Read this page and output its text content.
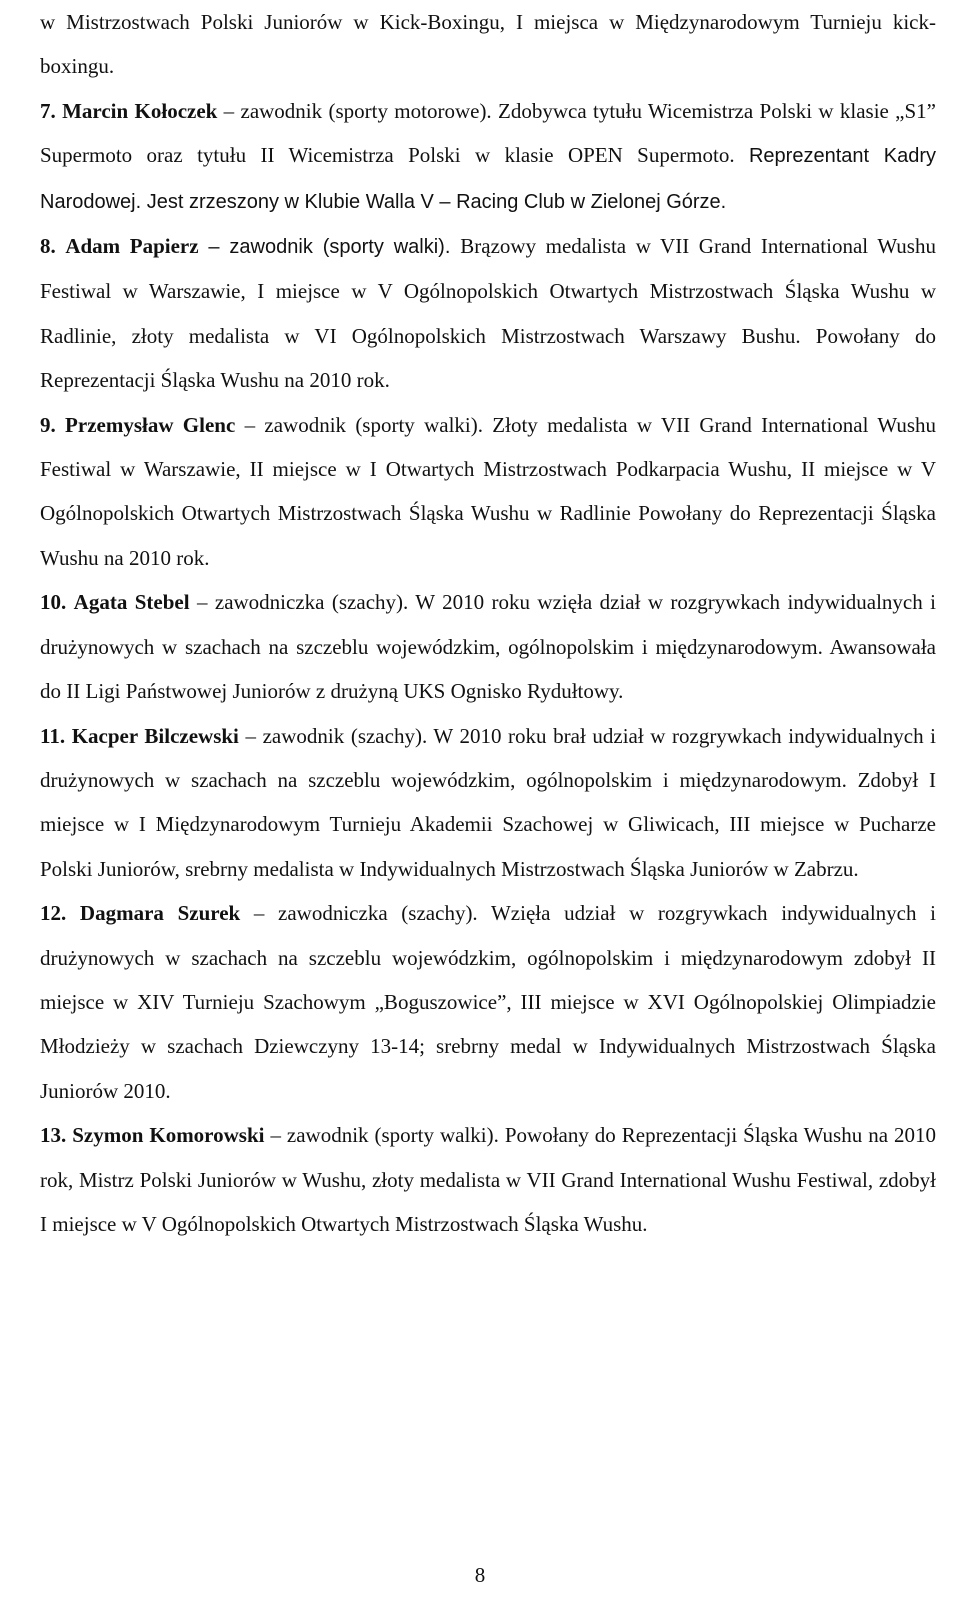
w Mistrzostwach Polski Juniorów w Kick-Boxingu, I miejsca w Międzynarodowym Turnieju kick-boxingu.

7. Marcin Kołoczek – zawodnik (sporty motorowe). Zdobywca tytułu Wicemistrza Polski w klasie „S1” Supermoto oraz tytułu II Wicemistrza Polski w klasie OPEN Supermoto. Reprezentant Kadry Narodowej. Jest zrzeszony w Klubie Walla V – Racing Club w Zielonej Górze.

8. Adam Papierz – zawodnik (sporty walki). Brązowy medalista w VII Grand International Wushu Festiwal w Warszawie, I miejsce w V Ogólnopolskich Otwartych Mistrzostwach Śląska Wushu w Radlinie, złoty medalista w VI Ogólnopolskich Mistrzostwach Warszawy Bushu. Powołany do Reprezentacji Śląska Wushu na 2010 rok.

9. Przemysław Glenc – zawodnik (sporty walki). Złoty medalista w VII Grand International Wushu Festiwal w Warszawie, II miejsce w I Otwartych Mistrzostwach Podkarpacia Wushu, II miejsce w V Ogólnopolskich Otwartych Mistrzostwach Śląska Wushu w Radlinie Powołany do Reprezentacji Śląska Wushu na 2010 rok.

10. Agata Stebel – zawodniczka (szachy). W 2010 roku wzięła dział w rozgrywkach indywidualnych i drużynowych w szachach na szczeblu wojewódzkim, ogólnopolskim i międzynarodowym. Awansowała do II Ligi Państwowej Juniorów z drużyną UKS Ognisko Rydułtowy.

11. Kacper Bilczewski – zawodnik (szachy). W 2010 roku brał udział w rozgrywkach indywidualnych i drużynowych w szachach na szczeblu wojewódzkim, ogólnopolskim i międzynarodowym. Zdobył I miejsce w I Międzynarodowym Turnieju Akademii Szachowej w Gliwicach, III miejsce w Pucharze Polski Juniorów, srebrny medalista w Indywidualnych Mistrzostwach Śląska Juniorów w Zabrzu.

12. Dagmara Szurek – zawodniczka (szachy). Wzięła udział w rozgrywkach indywidualnych i drużynowych w szachach na szczeblu wojewódzkim, ogólnopolskim i międzynarodowym zdobył II miejsce w XIV Turnieju Szachowym „Boguszowice”, III miejsce w XVI Ogólnopolskiej Olimpiadzie Młodzieży w szachach Dziewczyny 13-14; srebrny medal w Indywidualnych Mistrzostwach Śląska Juniorów 2010.

13. Szymon Komorowski – zawodnik (sporty walki). Powołany do Reprezentacji Śląska Wushu na 2010 rok, Mistrz Polski Juniorów w Wushu, złoty medalista w VII Grand International Wushu Festiwal, zdobył I miejsce w V Ogólnopolskich Otwartych Mistrzostwach Śląska Wushu.

8
